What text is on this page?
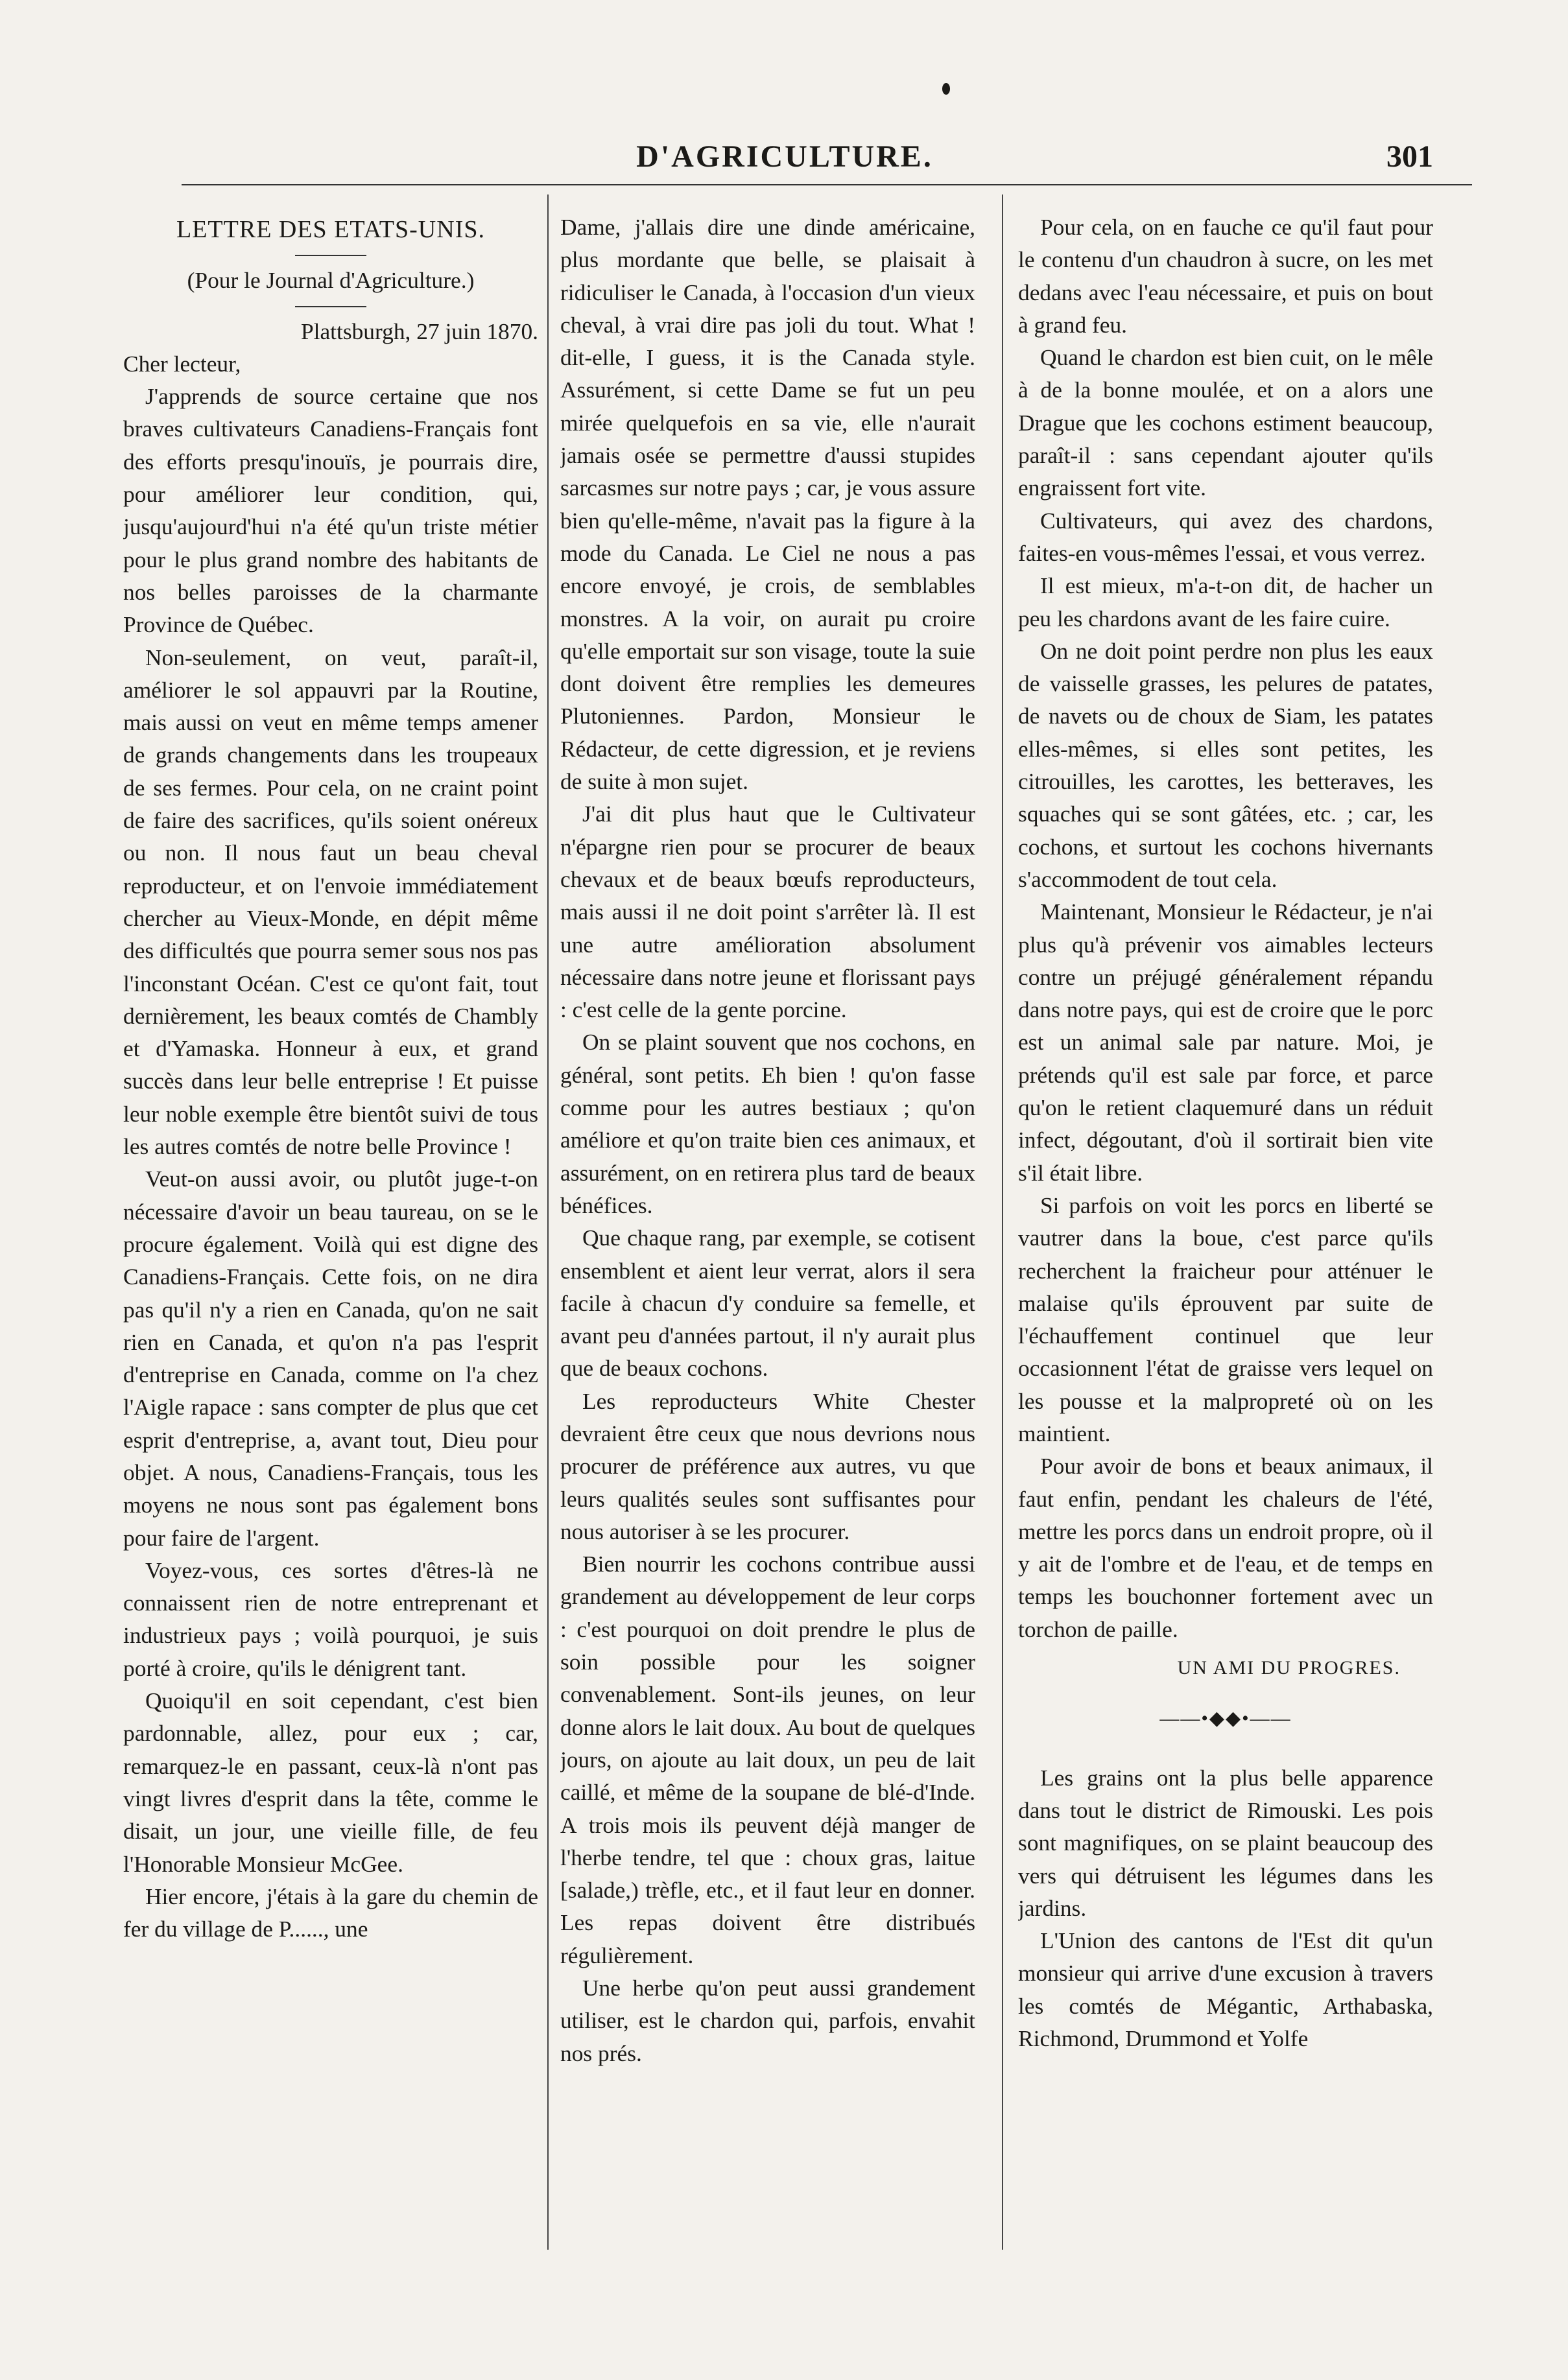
D'AGRICULTURE.	301
LETTRE DES ETATS-UNIS.

(Pour le Journal d'Agriculture.)

Plattsburgh, 27 juin 1870.

Cher lecteur,

J'apprends de source certaine que nos braves cultivateurs Canadiens-Français font des efforts presqu'inouïs, je pourrais dire, pour améliorer leur condition, qui, jusqu'aujourd'hui n'a été qu'un triste métier pour le plus grand nombre des habitants de nos belles paroisses de la charmante Province de Québec.

Non-seulement, on veut, paraît-il, améliorer le sol appauvri par la Routine, mais aussi on veut en même temps amener de grands changements dans les troupeaux de ses fermes. Pour cela, on ne craint point de faire des sacrifices, qu'ils soient onéreux ou non. Il nous faut un beau cheval reproducteur, et on l'envoie immédiatement chercher au Vieux-Monde, en dépit même des difficultés que pourra semer sous nos pas l'inconstant Océan. C'est ce qu'ont fait, tout dernièrement, les beaux comtés de Chambly et d'Yamaska. Honneur à eux, et grand succès dans leur belle entreprise ! Et puisse leur noble exemple être bientôt suivi de tous les autres comtés de notre belle Province !

Veut-on aussi avoir, ou plutôt juge-t-on nécessaire d'avoir un beau taureau, on se le procure également. Voilà qui est digne des Canadiens-Français. Cette fois, on ne dira pas qu'il n'y a rien en Canada, qu'on ne sait rien en Canada, et qu'on n'a pas l'esprit d'entreprise en Canada, comme on l'a chez l'Aigle rapace : sans compter de plus que cet esprit d'entreprise, a, avant tout, Dieu pour objet. A nous, Canadiens-Français, tous les moyens ne nous sont pas également bons pour faire de l'argent.

Voyez-vous, ces sortes d'êtres-là ne connaissent rien de notre entreprenant et industrieux pays ; voilà pourquoi, je suis porté à croire, qu'ils le dénigrent tant.

Quoiqu'il en soit cependant, c'est bien pardonnable, allez, pour eux ; car, remarquez-le en passant, ceux-là n'ont pas vingt livres d'esprit dans la tête, comme le disait, un jour, une vieille fille, de feu l'Honorable Monsieur McGee.

Hier encore, j'étais à la gare du chemin de fer du village de P......, une

Dame, j'allais dire une dinde américaine, plus mordante que belle, se plaisait à ridiculiser le Canada, à l'occasion d'un vieux cheval, à vrai dire pas joli du tout. What ! dit-elle, I guess, it is the Canada style. Assurément, si cette Dame se fut un peu mirée quelquefois en sa vie, elle n'aurait jamais osée se permettre d'aussi stupides sarcasmes sur notre pays ; car, je vous assure bien qu'elle-même, n'avait pas la figure à la mode du Canada. Le Ciel ne nous a pas encore envoyé, je crois, de semblables monstres. A la voir, on aurait pu croire qu'elle emportait sur son visage, toute la suie dont doivent être remplies les demeures Plutoniennes. Pardon, Monsieur le Rédacteur, de cette digression, et je reviens de suite à mon sujet.

J'ai dit plus haut que le Cultivateur n'épargne rien pour se procurer de beaux chevaux et de beaux bœufs reproducteurs, mais aussi il ne doit point s'arrêter là. Il est une autre amélioration absolument nécessaire dans notre jeune et florissant pays : c'est celle de la gente porcine.

On se plaint souvent que nos cochons, en général, sont petits. Eh bien ! qu'on fasse comme pour les autres bestiaux ; qu'on améliore et qu'on traite bien ces animaux, et assurément, on en retirera plus tard de beaux bénéfices.

Que chaque rang, par exemple, se cotisent ensemblent et aient leur verrat, alors il sera facile à chacun d'y conduire sa femelle, et avant peu d'années partout, il n'y aurait plus que de beaux cochons.

Les reproducteurs White Chester devraient être ceux que nous devrions nous procurer de préférence aux autres, vu que leurs qualités seules sont suffisantes pour nous autoriser à se les procurer.

Bien nourrir les cochons contribue aussi grandement au développement de leur corps : c'est pourquoi on doit prendre le plus de soin possible pour les soigner convenablement. Sont-ils jeunes, on leur donne alors le lait doux. Au bout de quelques jours, on ajoute au lait doux, un peu de lait caillé, et même de la soupane de blé-d'Inde. A trois mois ils peuvent déjà manger de l'herbe tendre, tel que : choux gras, laitue [salade,) trèfle, etc., et il faut leur en donner. Les repas doivent être distribués régulièrement.

Une herbe qu'on peut aussi grandement utiliser, est le chardon qui, parfois, envahit nos prés.

Pour cela, on en fauche ce qu'il faut pour le contenu d'un chaudron à sucre, on les met dedans avec l'eau nécessaire, et puis on bout à grand feu.

Quand le chardon est bien cuit, on le mêle à de la bonne moulée, et on a alors une Drague que les cochons estiment beaucoup, paraît-il : sans cependant ajouter qu'ils engraissent fort vite.

Cultivateurs, qui avez des chardons, faites-en vous-mêmes l'essai, et vous verrez.

Il est mieux, m'a-t-on dit, de hacher un peu les chardons avant de les faire cuire.

On ne doit point perdre non plus les eaux de vaisselle grasses, les pelures de patates, de navets ou de choux de Siam, les patates elles-mêmes, si elles sont petites, les citrouilles, les carottes, les betteraves, les squaches qui se sont gâtées, etc. ; car, les cochons, et surtout les cochons hivernants s'accommodent de tout cela.

Maintenant, Monsieur le Rédacteur, je n'ai plus qu'à prévenir vos aimables lecteurs contre un préjugé généralement répandu dans notre pays, qui est de croire que le porc est un animal sale par nature. Moi, je prétends qu'il est sale par force, et parce qu'on le retient claquemuré dans un réduit infect, dégoutant, d'où il sortirait bien vite s'il était libre.

Si parfois on voit les porcs en liberté se vautrer dans la boue, c'est parce qu'ils recherchent la fraicheur pour atténuer le malaise qu'ils éprouvent par suite de l'échauffement continuel que leur occasionnent l'état de graisse vers lequel on les pousse et la malpropreté où on les maintient.

Pour avoir de bons et beaux animaux, il faut enfin, pendant les chaleurs de l'été, mettre les porcs dans un endroit propre, où il y ait de l'ombre et de l'eau, et de temps en temps les bouchonner fortement avec un torchon de paille.

UN AMI DU PROGRES.
——•◆◆•——

Les grains ont la plus belle apparence dans tout le district de Rimouski. Les pois sont magnifiques, on se plaint beaucoup des vers qui détruisent les légumes dans les jardins.

L'Union des cantons de l'Est dit qu'un monsieur qui arrive d'une excusion à travers les comtés de Mégantic, Arthabaska, Richmond, Drummond et Yolfe
